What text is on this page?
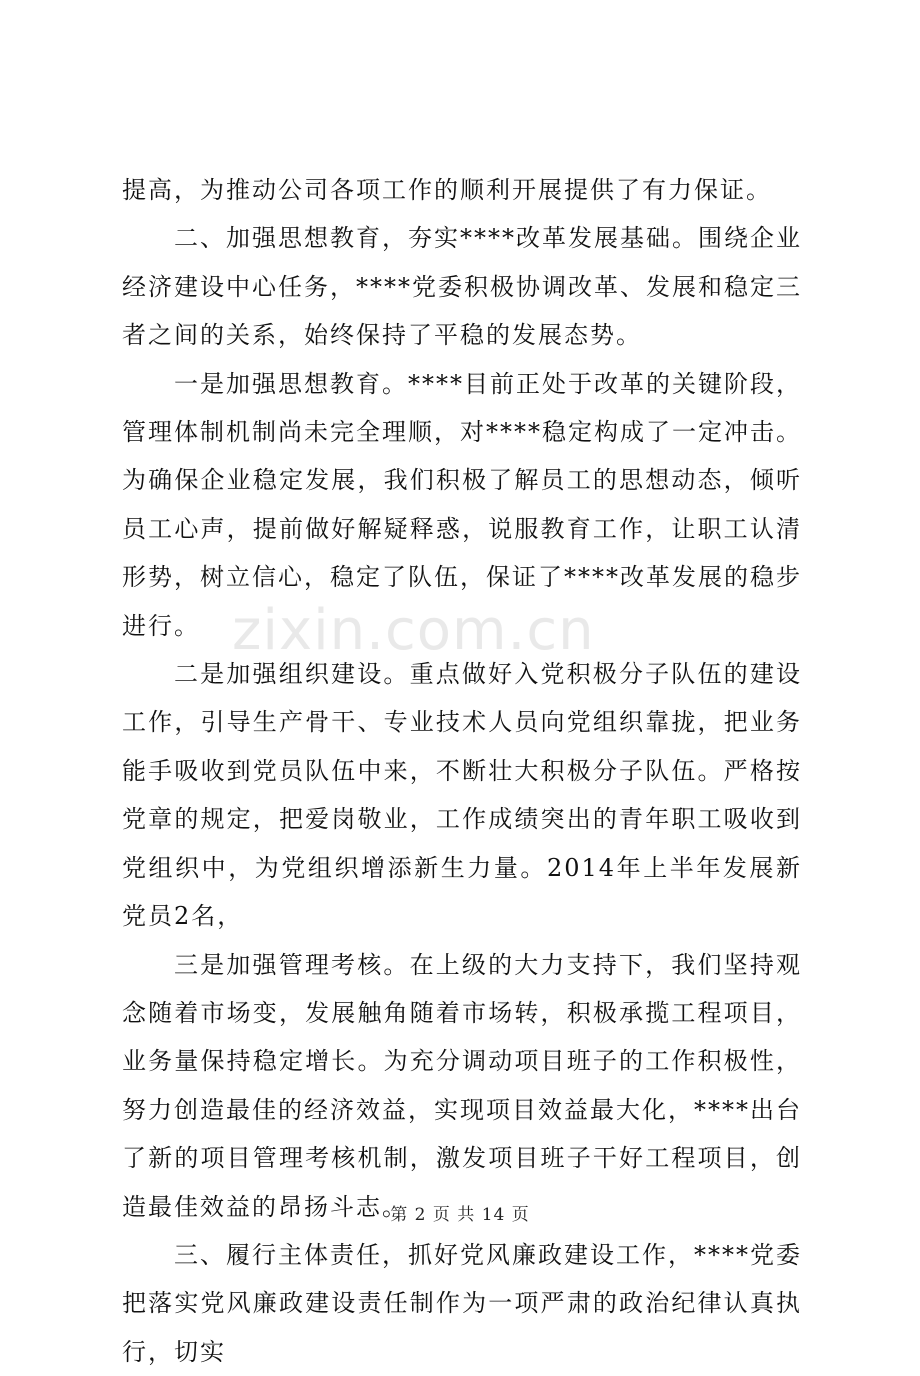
zixin.com.cn

提高，为推动公司各项工作的顺利开展提供了有力保证。

二、加强思想教育，夯实****改革发展基础。围绕企业经济建设中心任务，****党委积极协调改革、发展和稳定三者之间的关系，始终保持了平稳的发展态势。

一是加强思想教育。****目前正处于改革的关键阶段，管理体制机制尚未完全理顺，对****稳定构成了一定冲击。为确保企业稳定发展，我们积极了解员工的思想动态，倾听员工心声，提前做好解疑释惑，说服教育工作，让职工认清形势，树立信心，稳定了队伍，保证了****改革发展的稳步进行。

二是加强组织建设。重点做好入党积极分子队伍的建设工作，引导生产骨干、专业技术人员向党组织靠拢，把业务能手吸收到党员队伍中来，不断壮大积极分子队伍。严格按党章的规定，把爱岗敬业，工作成绩突出的青年职工吸收到党组织中，为党组织增添新生力量。2014年上半年发展新党员2名，

三是加强管理考核。在上级的大力支持下，我们坚持观念随着市场变，发展触角随着市场转，积极承揽工程项目，业务量保持稳定增长。为充分调动项目班子的工作积极性，努力创造最佳的经济效益，实现项目效益最大化，****出台了新的项目管理考核机制，激发项目班子干好工程项目，创造最佳效益的昂扬斗志。

三、履行主体责任，抓好党风廉政建设工作，****党委把落实党风廉政建设责任制作为一项严肃的政治纪律认真执行，切实

第 2 页 共 14 页
